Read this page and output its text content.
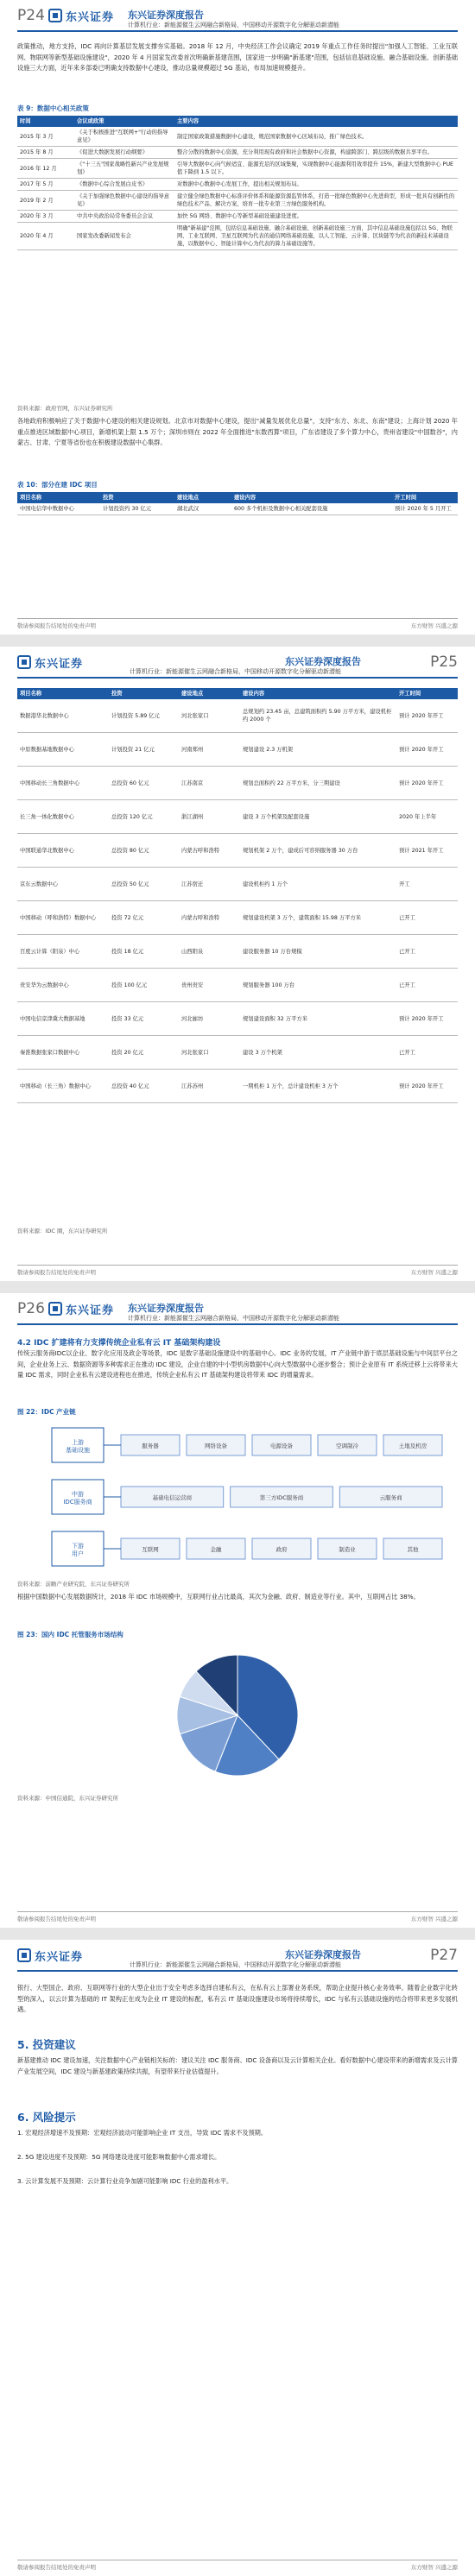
P24 东兴证券 东兴证券深度报告
计算机行业：新能源催生云网融合新格局，中国移动开源数字化分解驱动新潜能
政策推动，地方支持，IDC 再向计算基层发展支撑夯实基础。2018 年 12 月，中央经济工作会议确定 2019 年重点工作任务时提出"加强人工智能、工业互联网、物联网等新型基础设施建设"，2020 年 4 月国家发改委首次明确新基建范围，国家进一步明确"新基建"范围，包括信息基础设施、融合基础设施、创新基础设施三大方面，近年来多部委已明确支持数据中心建设，推动总量规模超过 5G 基站，布局加速规模提升。
表 9：数据中心相关政策
时间	会议或政策	主要内容
2015 年 3 月	《关于积极推进"互联网+"行动的指导意见》	制定国家政策措施数据中心建设，规范国家数据中心区域布局，推广绿色技术。
2015 年 8 月	《促进大数据发展行动纲要》	整合分散的数据中心资源，充分利用现有政府和社会数据中心资源，构建跨部门、跨层级的数据共享平台。
2016 年 12 月	《"十三五"国家战略性新兴产业发展规划》	引导大数据中心向气候适宜、能源充足的区域集聚，实现数据中心能源利用效率提升 15%，新建大型数据中心 PUE 值下降到 1.5 以下。
2017 年 5 月	《数据中心综合发展白皮书》	对数据中心数据中心发展工作，提出相关规划布局。
2019 年 2 月	《关于加强绿色数据中心建设的指导意见》	建立健全绿色数据中心标准评价体系和能源资源监管体系，打造一批绿色数据中心先进典型，形成一批具有创新性的绿色技术产品、解决方案，培育一批专业第三方绿色服务机构。
2020 年 3 月	中共中央政治局常务委员会会议	加快 5G 网络、数据中心等新型基础设施建设进度。
2020 年 4 月	国家发改委新闻发布会	明确"新基建"范围，包括信息基础设施、融合基础设施、创新基础设施三方面，其中信息基础设施包括以 5G、物联网、工业互联网、卫星互联网为代表的通信网络基础设施，以人工智能、云计算、区块链等为代表的新技术基础设施，以数据中心、智能计算中心为代表的算力基础设施等。
资料来源：政府官网，东兴证券研究所
各地政府积极响应了关于数据中心建设的相关建设规划。北京市对数据中心建设，提出"减量发展优化总量"，支持"东方、东北、东南"建设；上海计划 2020 年重点推进区域数据中心项目，新增机架上限 1.5 万个；深圳市则在 2022 年全面推进"东数西算"项目，广东省建设了多个算力中心，贵州省建设"中国数谷"，内蒙古、甘肃、宁夏等省份也在积极建设数据中心集群。
表 10：部分在建 IDC 项目
项目名称	投资	建设地点	建设内容	开工时间
中国电信华中数据中心	计划投资约 30 亿元	湖北武汉	600 多个机柜及数据中心相关配套设施	预计 2020 年 5 月开工
敬请参阅报告结尾处的免责声明	东方财智 兴盛之源
东兴证券	东兴证券深度报告
计算机行业：新能源催生云网融合新格局，中国移动开源数字化分解驱动新潜能
P25
项目名称	投资	建设地点	建设内容	开工时间
数据港华北数据中心	计划投资 5.89 亿元	河北张家口	总规划约 23.45 亩，总建筑面积约 5.90 万平方米，建设机柜约 2000 个	预计 2020 年开工
中原数据基地数据中心	计划投资 21 亿元	河南郑州	规划建设 2.3 万机架	预计 2020 年开工
中国移动长三角数据中心	总投资 60 亿元	江苏南京	规划总面积约 22 万平方米，分三期建设	预计 2020 年开工
长三角一体化数据中心	总投资 120 亿元	浙江湖州	建设 3 万个机架及配套设施	2020 年上半年
中国联通华北数据中心	总投资 80 亿元	内蒙古呼和浩特	规划机架 2 万个，建成后可容纳服务器 30 万台	预计 2021 年开工
京东云数据中心	总投资 50 亿元	江苏宿迁	建设机柜约 1 万个	开工
中国移动（呼和浩特）数据中心	投资 72 亿元	内蒙古呼和浩特	规划建设机架 3 万个，建筑面积 15.98 万平方米	已开工
百度云计算（阳泉）中心	投资 18 亿元	山西阳泉	建设服务器 10 万台规模	已开工
贵安华为云数据中心	投资 100 亿元	贵州贵安	规划服务器 100 万台	已开工
中国电信京津冀大数据基地	投资 33 亿元	河北廊坊	规划建设面积 32 万平方米	预计 2020 年开工
秦淮数据张家口数据中心	投资 20 亿元	河北张家口	建设 3 万个机架	已开工
中国移动（长三角）数据中心	总投资 40 亿元	江苏苏州	一期机柜 1 万个，总计建设机柜 3 万个	预计 2020 年开工
资料来源：IDC 圈，东兴证券研究所
敬请参阅报告结尾处的免责声明	东方财智 兴盛之源
P26 东兴证券 东兴证券深度报告
计算机行业：新能源催生云网融合新格局，中国移动开源数字化分解驱动新潜能
4.2 IDC 扩建将有力支撑传统企业私有云 IT 基础架构建设
传统云服务商IDC以企业、数字化应用及政企等场景，IDC 是数字基础设施建设中的基础中心。IDC 业务的发展，IT 产业链中游于底层基础设施与中间层平台之间，企业业务上云、数据资源等多种需求正在推动 IDC 建设，企业自建的中小型机房数据中心向大型数据中心逐步整合；预计企业原有 IT 系统迁移上云将带来大量 IDC 需求，同时企业私有云建设进程也在推进，传统企业私有云 IT 基础架构建设将带来 IDC 的增量需求。
图 22：IDC 产业链
上游基础设施
中游 IDC服务商
下游用户
服务器	网络设备	电源设备	空调制冷	土地及机房
基础电信运营商	第三方IDC服务商	云服务商
互联网	金融	政府	制造业	其他
资料来源：前瞻产业研究院，东兴证券研究所
根据中国数据中心发展数据统计，2018 年 IDC 市场规模中，互联网行业占比最高，其次为金融、政府、制造业等行业。其中，互联网占比 38%。
图 23：国内 IDC 托管服务市场结构
资料来源：中国信通院，东兴证券研究所
敬请参阅报告结尾处的免责声明	东方财智 兴盛之源
东兴证券	东兴证券深度报告
计算机行业：新能源催生云网融合新格局，中国移动开源数字化分解驱动新潜能
P27
银行、大型国企、政府、互联网等行业的大型企业出于安全考虑多选择自建私有云，在私有云上部署业务系统，帮助企业提升核心业务效率。随着企业数字化转型的深入，以云计算为基础的 IT 架构正在成为企业 IT 建设的标配，私有云 IT 基础设施建设市场将持续增长，IDC 与私有云基础设施的结合将带来更多发展机遇。
5. 投资建议
新基建推动 IDC 建设加速，关注数据中心产业链相关标的：建议关注 IDC 服务商、IDC 设备商以及云计算相关企业。看好数据中心建设带来的新增需求及云计算产业发展空间，IDC 建设与新基建政策持续共振，有望带来行业估值提升。
6. 风险提示
1. 宏观经济增速不及预期：宏观经济波动可能影响企业 IT 支出，导致 IDC 需求不及预期。
2. 5G 建设进度不及预期：5G 网络建设进度可能影响数据中心需求增长。
3. 云计算发展不及预期：云计算行业竞争加剧可能影响 IDC 行业的盈利水平。
敬请参阅报告结尾处的免责声明	东方财智 兴盛之源
